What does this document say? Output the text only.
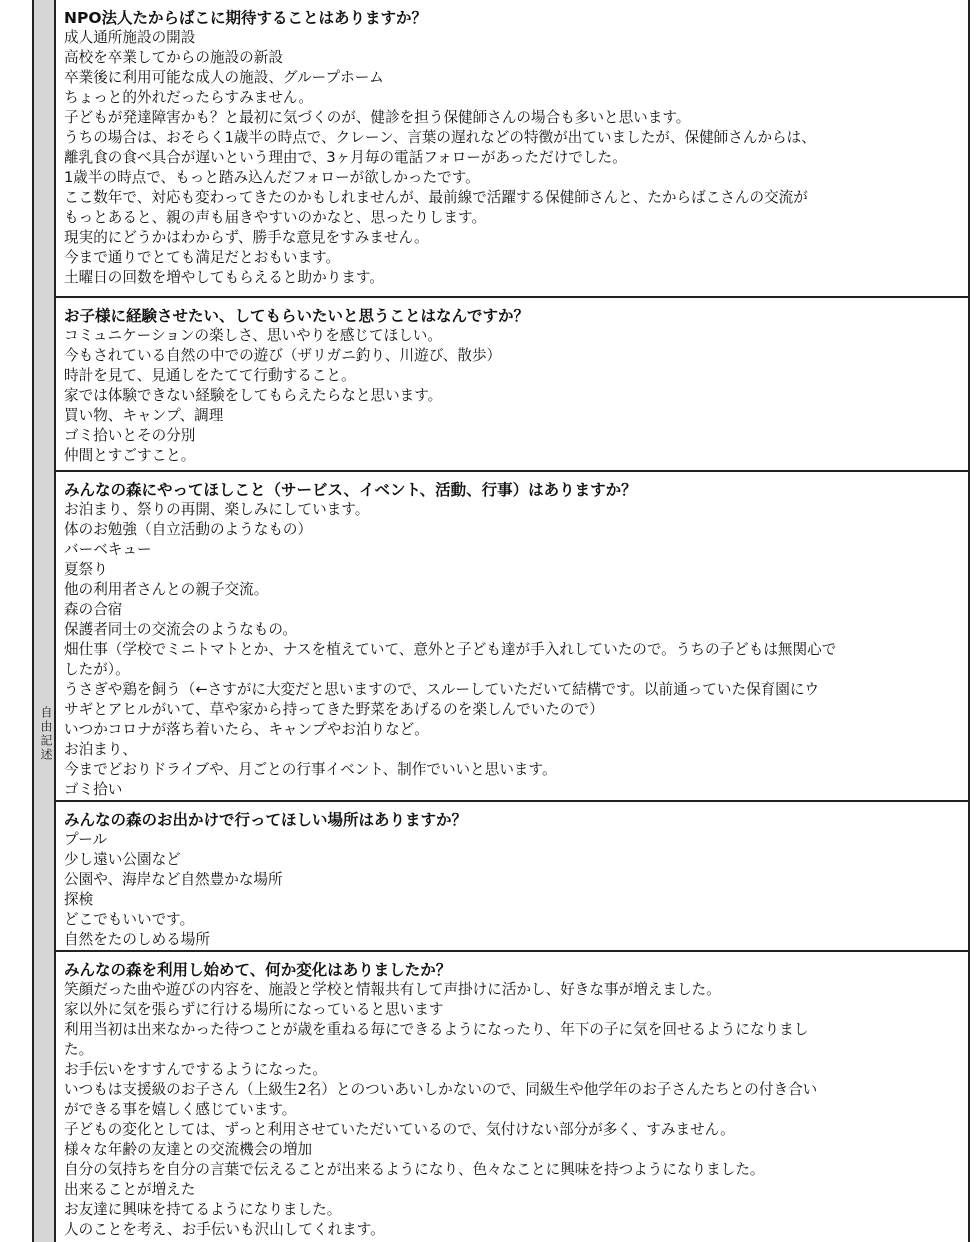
自由記述
NPO法人たからばこに期待することはありますか？
成人通所施設の開設
高校を卒業してからの施設の新設
卒業後に利用可能な成人の施設、グループホーム
ちょっと的外れだったらすみません。
子どもが発達障害かも？と最初に気づくのが、健診を担う保健師さんの場合も多いと思います。
うちの場合は、おそらく1歳半の時点で、クレーン、言葉の遅れなどの特徴が出ていましたが、保健師さんからは、
離乳食の食べ具合が遅いという理由で、3ヶ月毎の電話フォローがあっただけでした。
1歳半の時点で、もっと踏み込んだフォローが欲しかったです。
ここ数年で、対応も変わってきたのかもしれませんが、最前線で活躍する保健師さんと、たからばこさんの交流が
もっとあると、親の声も届きやすいのかなと、思ったりします。
現実的にどうかはわからず、勝手な意見をすみません。
今まで通りでとても満足だとおもいます。
土曜日の回数を増やしてもらえると助かります。
お子様に経験させたい、してもらいたいと思うことはなんですか？
コミュニケーションの楽しさ、思いやりを感じてほしい。
今もされている自然の中での遊び（ザリガニ釣り、川遊び、散歩）
時計を見て、見通しをたてて行動すること。
家では体験できない経験をしてもらえたらなと思います。
買い物、キャンプ、調理
ゴミ拾いとその分別
仲間とすごすこと。
みんなの森にやってほしこと（サービス、イベント、活動、行事）はありますか？
お泊まり、祭りの再開、楽しみにしています。
体のお勉強（自立活動のようなもの）
バーベキュー
夏祭り
他の利用者さんとの親子交流。
森の合宿
保護者同士の交流会のようなもの。
畑仕事（学校でミニトマトとか、ナスを植えていて、意外と子ども達が手入れしていたので。うちの子どもは無関心で
したが）。
うさぎや鶏を飼う（←さすがに大変だと思いますので、スルーしていただいて結構です。以前通っていた保育園にウ
サギとアヒルがいて、草や家から持ってきた野菜をあげるのを楽しんでいたので）
いつかコロナが落ち着いたら、キャンプやお泊りなど。
お泊まり、
今までどおりドライブや、月ごとの行事イベント、制作でいいと思います。
ゴミ拾い
みんなの森のお出かけで行ってほしい場所はありますか？
プール
少し遠い公園など
公園や、海岸など自然豊かな場所
探検
どこでもいいです。
自然をたのしめる場所
みんなの森を利用し始めて、何か変化はありましたか？
笑顔だった曲や遊びの内容を、施設と学校と情報共有して声掛けに活かし、好きな事が増えました。
家以外に気を張らずに行ける場所になっていると思います
利用当初は出来なかった待つことが歳を重ねる毎にできるようになったり、年下の子に気を回せるようになりまし
た。
お手伝いをすすんでするようになった。
いつもは支援級のお子さん（上級生2名）とのついあいしかないので、同級生や他学年のお子さんたちとの付き合い
ができる事を嬉しく感じています。
子どもの変化としては、ずっと利用させていただいているので、気付けない部分が多く、すみません。
様々な年齢の友達との交流機会の増加
自分の気持ちを自分の言葉で伝えることが出来るようになり、色々なことに興味を持つようになりました。
出来ることが増えた
お友達に興味を持てるようになりました。
人のことを考え、お手伝いも沢山してくれます。
